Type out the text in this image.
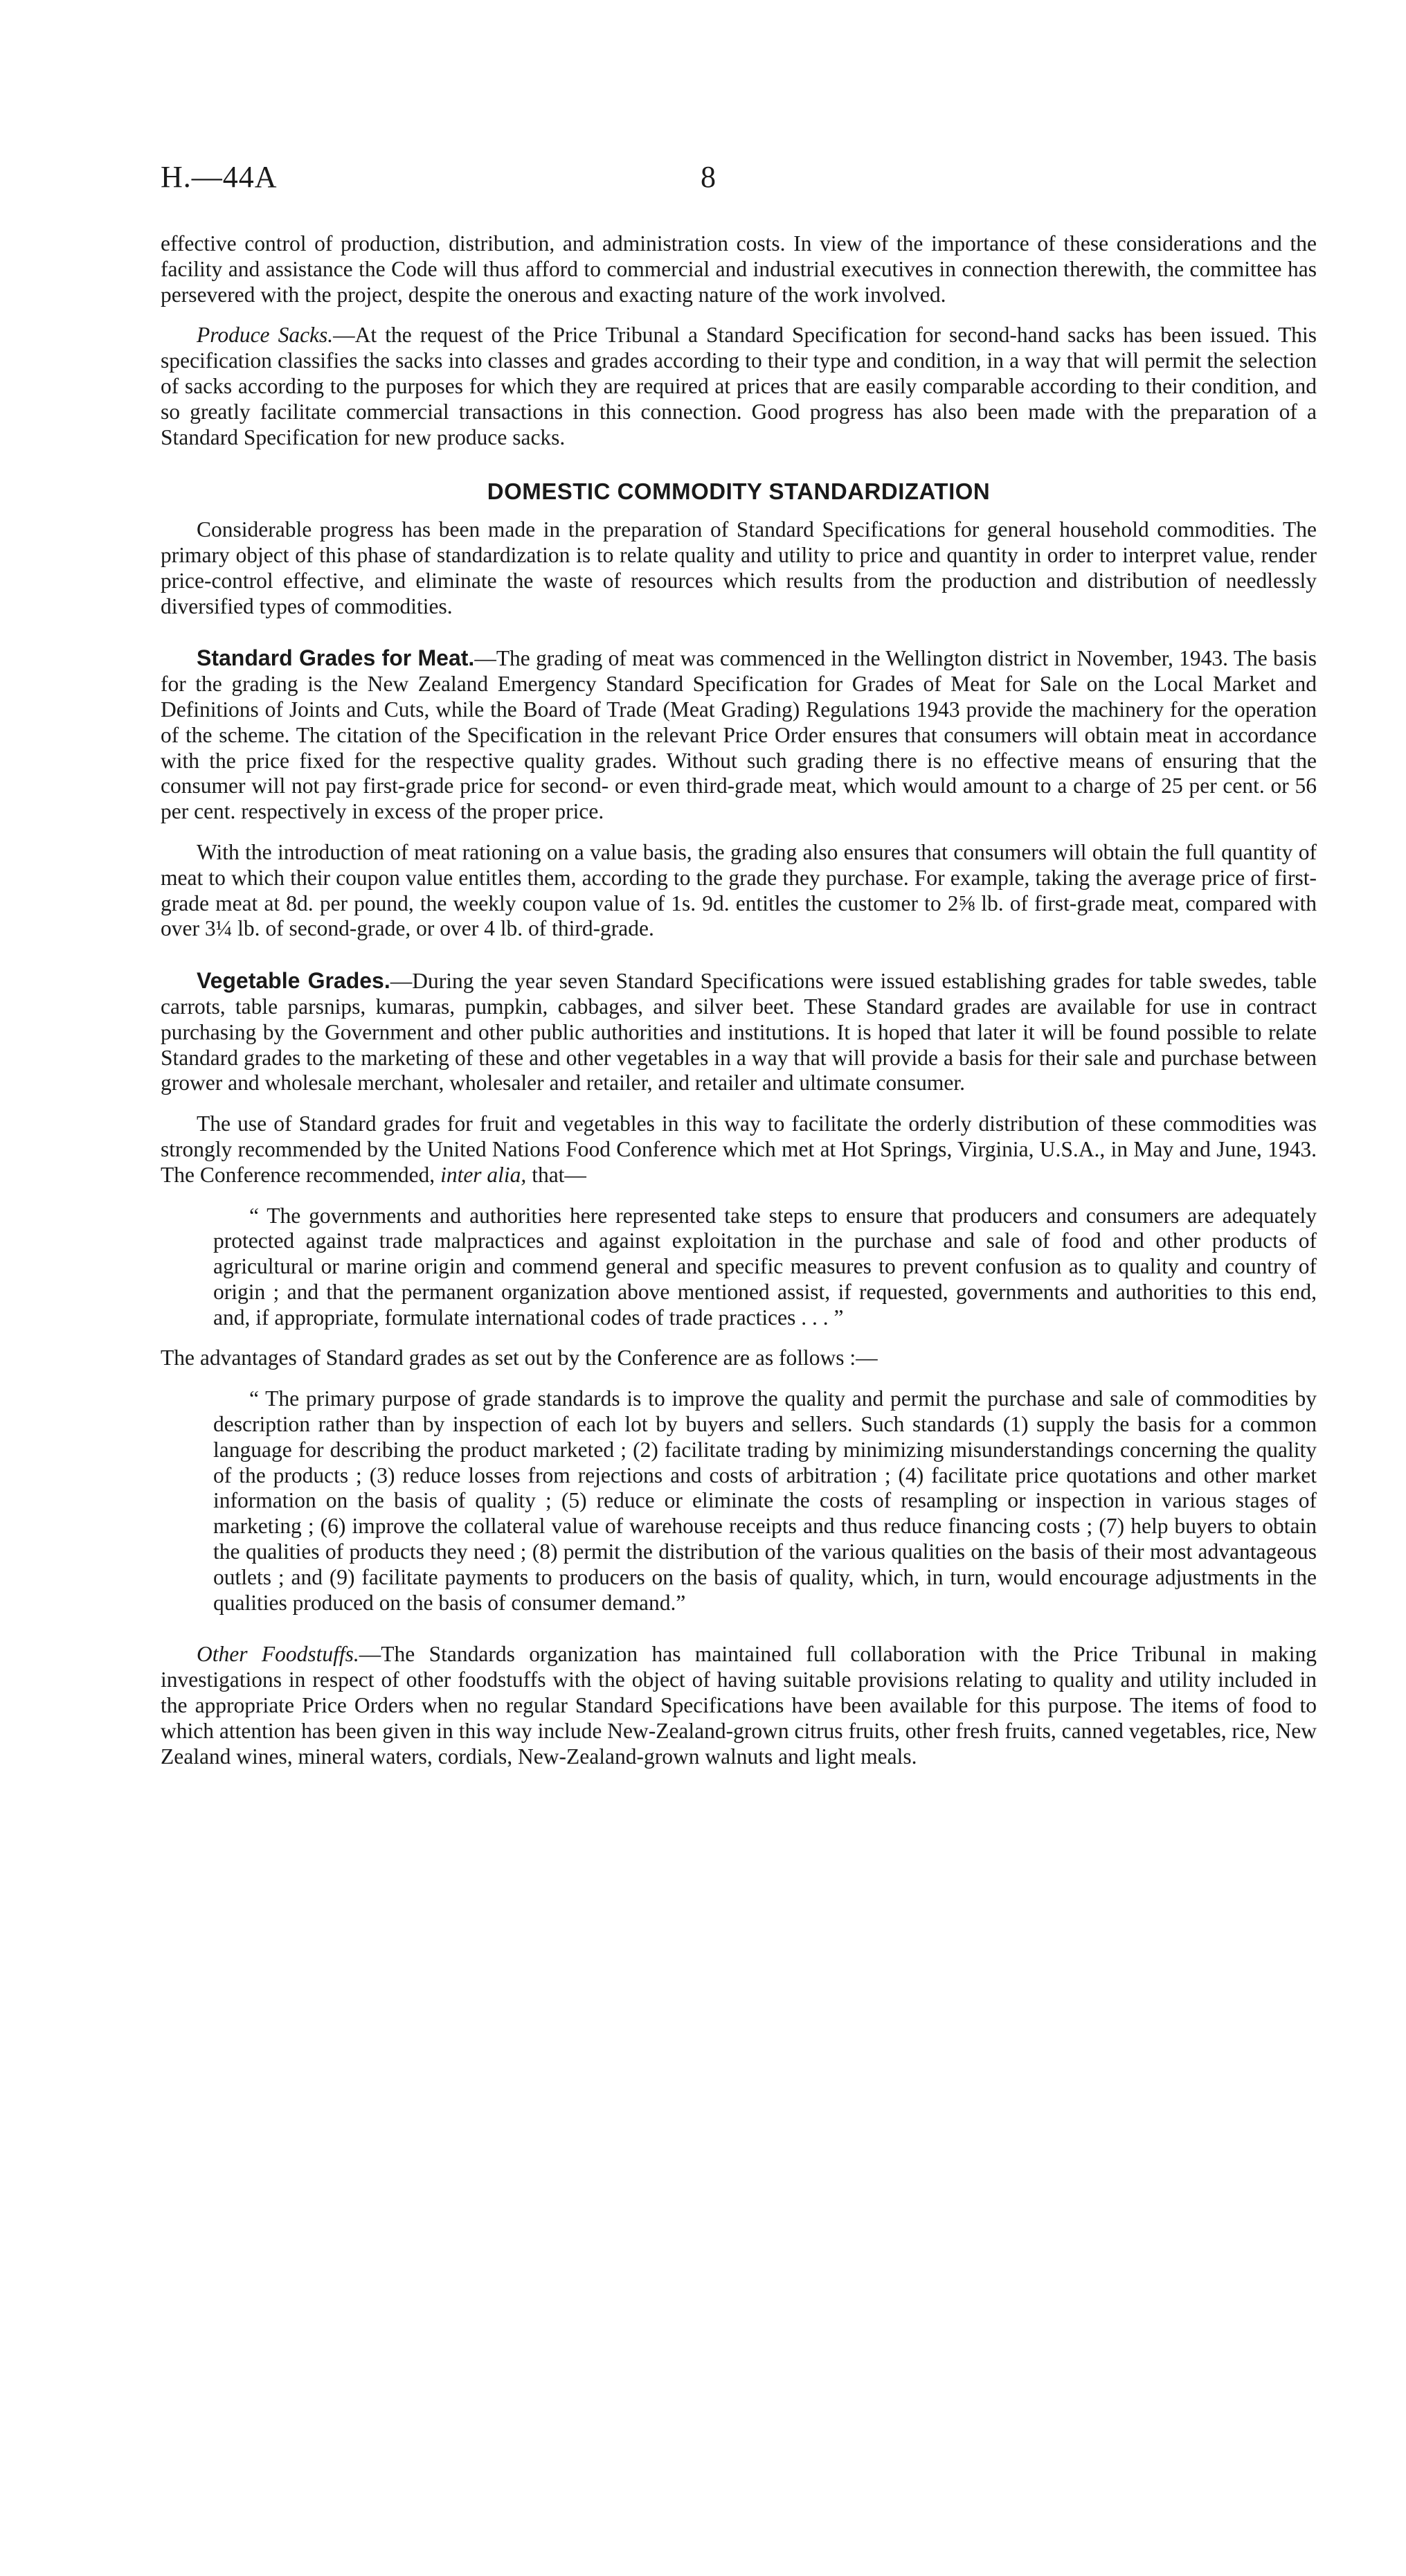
H.—44A	8

effective control of production, distribution, and administration costs. In view of the importance of these considerations and the facility and assistance the Code will thus afford to commercial and industrial executives in connection therewith, the committee has persevered with the project, despite the onerous and exacting nature of the work involved.

Produce Sacks.—At the request of the Price Tribunal a Standard Specification for second-hand sacks has been issued. This specification classifies the sacks into classes and grades according to their type and condition, in a way that will permit the selection of sacks according to the purposes for which they are required at prices that are easily comparable according to their condition, and so greatly facilitate commercial transactions in this connection. Good progress has also been made with the preparation of a Standard Specification for new produce sacks.

DOMESTIC COMMODITY STANDARDIZATION

Considerable progress has been made in the preparation of Standard Specifications for general household commodities. The primary object of this phase of standardization is to relate quality and utility to price and quantity in order to interpret value, render price-control effective, and eliminate the waste of resources which results from the production and distribution of needlessly diversified types of commodities.

Standard Grades for Meat.—The grading of meat was commenced in the Wellington district in November, 1943. The basis for the grading is the New Zealand Emergency Standard Specification for Grades of Meat for Sale on the Local Market and Definitions of Joints and Cuts, while the Board of Trade (Meat Grading) Regulations 1943 provide the machinery for the operation of the scheme. The citation of the Specification in the relevant Price Order ensures that consumers will obtain meat in accordance with the price fixed for the respective quality grades. Without such grading there is no effective means of ensuring that the consumer will not pay first-grade price for second- or even third-grade meat, which would amount to a charge of 25 per cent. or 56 per cent. respectively in excess of the proper price.

With the introduction of meat rationing on a value basis, the grading also ensures that consumers will obtain the full quantity of meat to which their coupon value entitles them, according to the grade they purchase. For example, taking the average price of first-grade meat at 8d. per pound, the weekly coupon value of 1s. 9d. entitles the customer to 2⅝ lb. of first-grade meat, compared with over 3¼ lb. of second-grade, or over 4 lb. of third-grade.

Vegetable Grades.—During the year seven Standard Specifications were issued establishing grades for table swedes, table carrots, table parsnips, kumaras, pumpkin, cabbages, and silver beet. These Standard grades are available for use in contract purchasing by the Government and other public authorities and institutions. It is hoped that later it will be found possible to relate Standard grades to the marketing of these and other vegetables in a way that will provide a basis for their sale and purchase between grower and wholesale merchant, wholesaler and retailer, and retailer and ultimate consumer.

The use of Standard grades for fruit and vegetables in this way to facilitate the orderly distribution of these commodities was strongly recommended by the United Nations Food Conference which met at Hot Springs, Virginia, U.S.A., in May and June, 1943. The Conference recommended, inter alia, that—

“ The governments and authorities here represented take steps to ensure that producers and consumers are adequately protected against trade malpractices and against exploitation in the purchase and sale of food and other products of agricultural or marine origin and commend general and specific measures to prevent confusion as to quality and country of origin ; and that the permanent organization above mentioned assist, if requested, governments and authorities to this end, and, if appropriate, formulate international codes of trade practices . . . ”

The advantages of Standard grades as set out by the Conference are as follows :—

“ The primary purpose of grade standards is to improve the quality and permit the purchase and sale of commodities by description rather than by inspection of each lot by buyers and sellers. Such standards (1) supply the basis for a common language for describing the product marketed ; (2) facilitate trading by minimizing misunderstandings concerning the quality of the products ; (3) reduce losses from rejections and costs of arbitration ; (4) facilitate price quotations and other market information on the basis of quality ; (5) reduce or eliminate the costs of resampling or inspection in various stages of marketing ; (6) improve the collateral value of warehouse receipts and thus reduce financing costs ; (7) help buyers to obtain the qualities of products they need ; (8) permit the distribution of the various qualities on the basis of their most advantageous outlets ; and (9) facilitate payments to producers on the basis of quality, which, in turn, would encourage adjustments in the qualities produced on the basis of consumer demand.”

Other Foodstuffs.—The Standards organization has maintained full collaboration with the Price Tribunal in making investigations in respect of other foodstuffs with the object of having suitable provisions relating to quality and utility included in the appropriate Price Orders when no regular Standard Specifications have been available for this purpose. The items of food to which attention has been given in this way include New-Zealand-grown citrus fruits, other fresh fruits, canned vegetables, rice, New Zealand wines, mineral waters, cordials, New-Zealand-grown walnuts and light meals.
